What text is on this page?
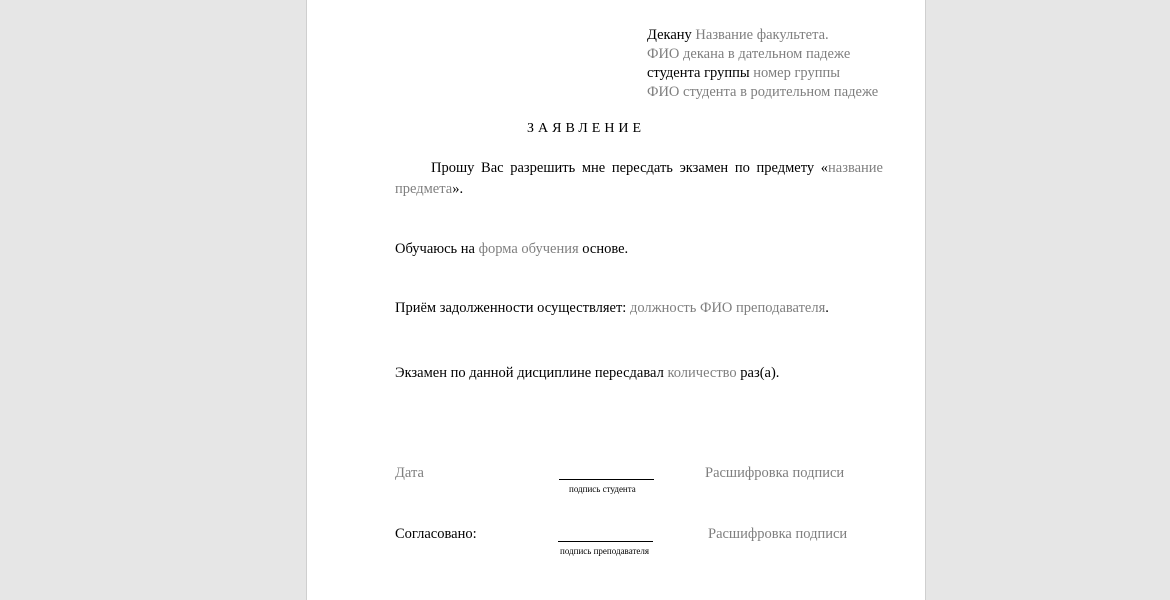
Декану Название факультета.
ФИО декана в дательном падеже
студента группы номер группы
ФИО студента в родительном падеже
ЗАЯВЛЕНИЕ
Прошу Вас разрешить мне пересдать экзамен по предмету «название предмета».
Обучаюсь на форма обучения основе.
Приём задолженности осуществляет: должность ФИО преподавателя.
Экзамен по данной дисциплине пересдавал количество раз(а).
Дата
подпись студента
Расшифровка подписи
Согласовано:
подпись преподавателя
Расшифровка подписи
